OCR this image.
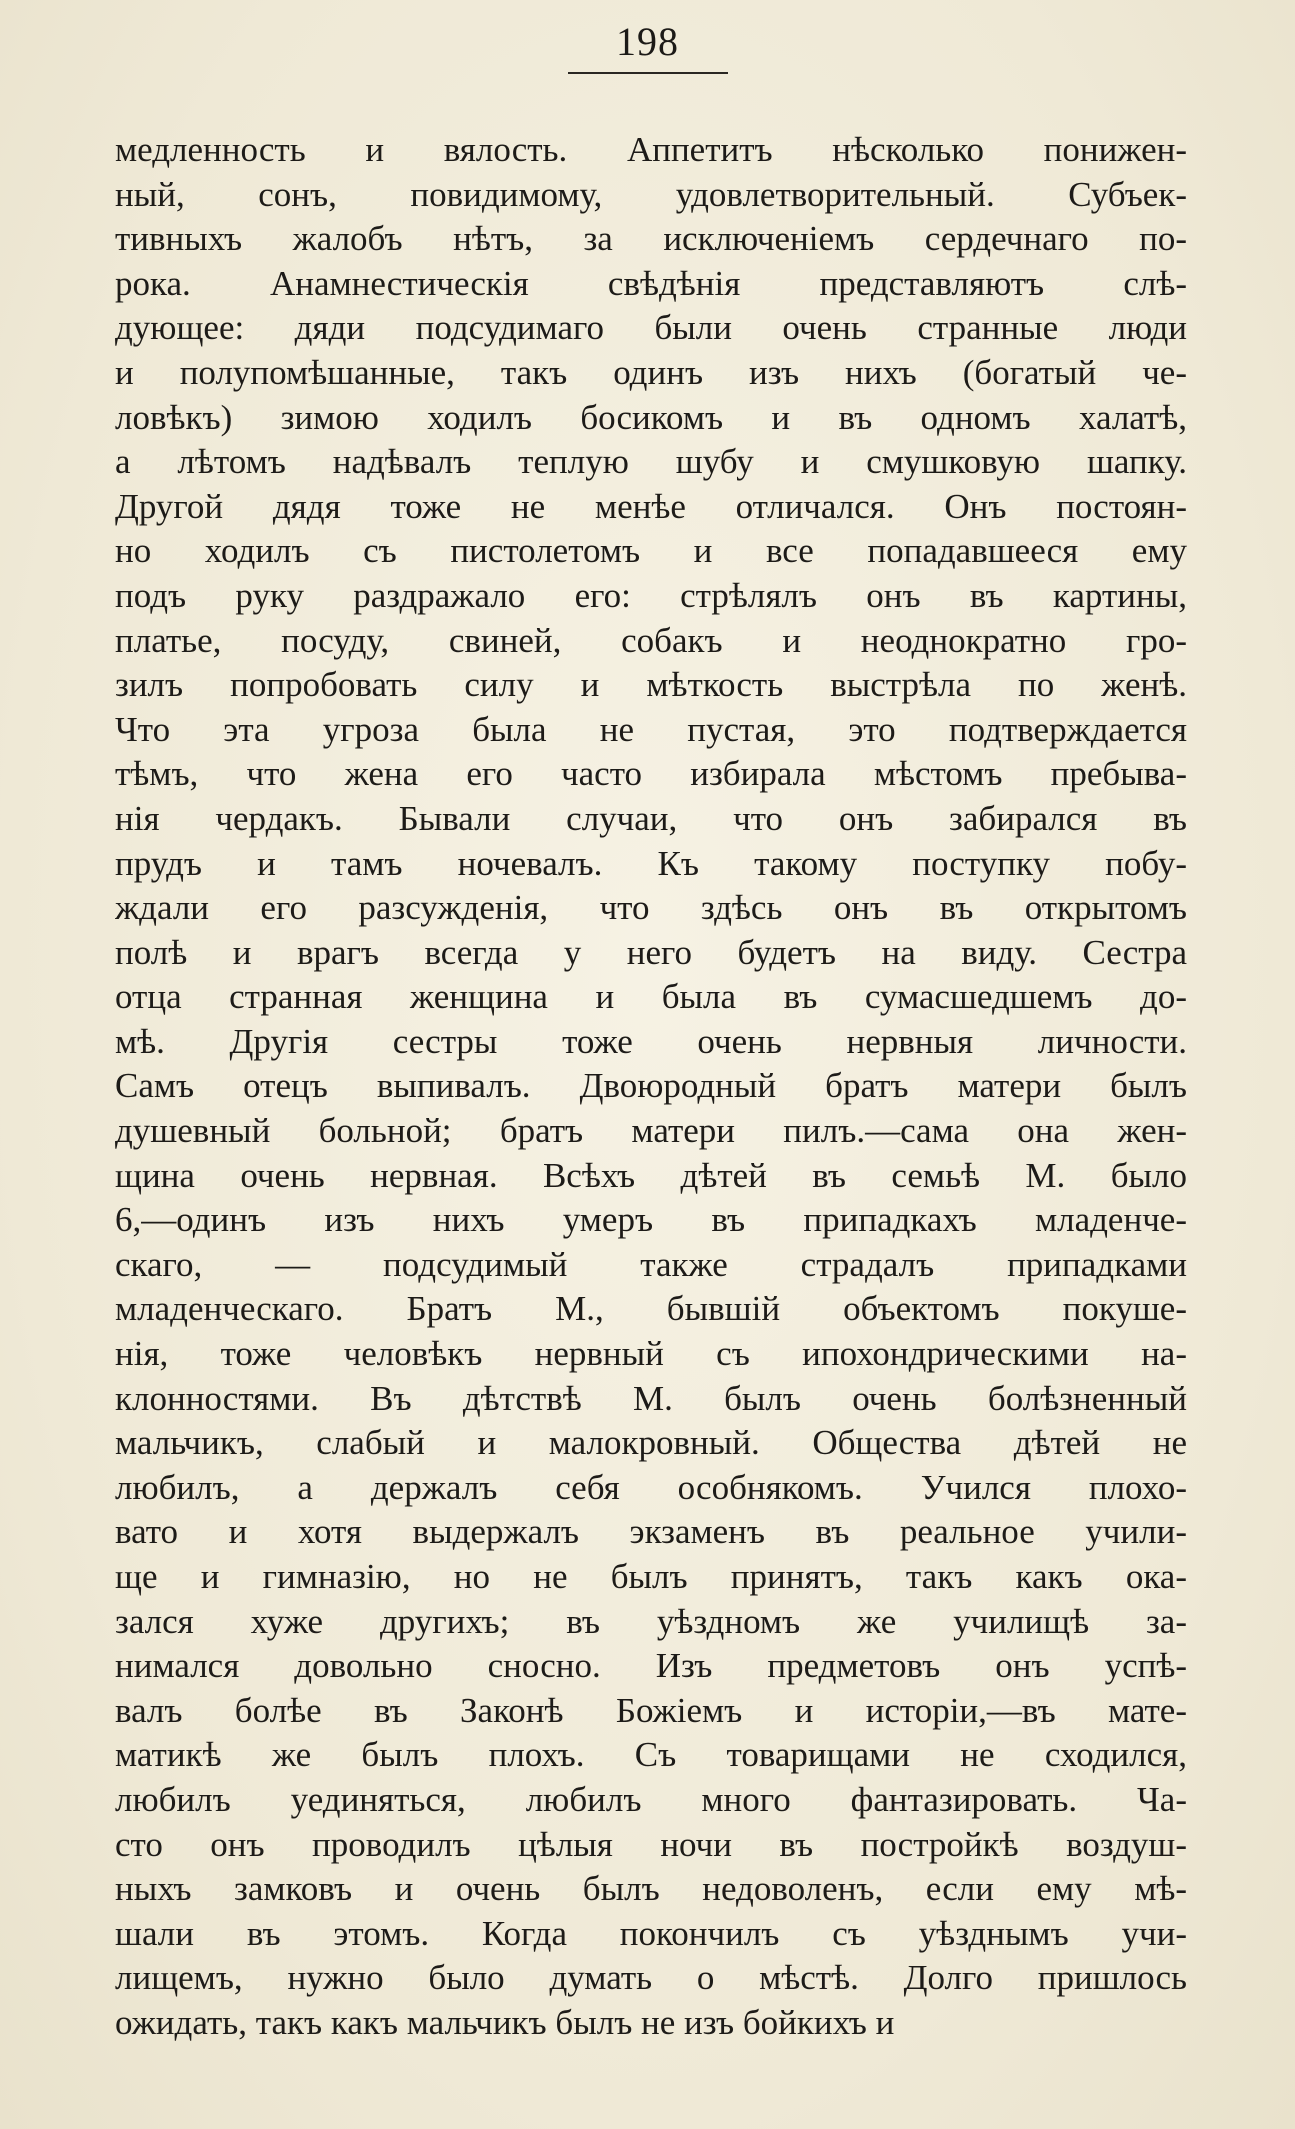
198
медленность и вялость. Аппетитъ нѣсколько понижен-
ный, сонъ, повидимому, удовлетворительный. Субъек-
тивныхъ жалобъ нѣтъ, за исключеніемъ сердечнаго по-
рока. Анамнестическія свѣдѣнія представляютъ слѣ-
дующее: дяди подсудимаго были очень странные люди
и полупомѣшанные, такъ одинъ изъ нихъ (богатый че-
ловѣкъ) зимою ходилъ босикомъ и въ одномъ халатѣ,
а лѣтомъ надѣвалъ теплую шубу и смушковую шапку.
Другой дядя тоже не менѣе отличался. Онъ постоян-
но ходилъ съ пистолетомъ и все попадавшееся ему
подъ руку раздражало его: стрѣлялъ онъ въ картины,
платье, посуду, свиней, собакъ и неоднократно гро-
зилъ попробовать силу и мѣткость выстрѣла по женѣ.
Что эта угроза была не пустая, это подтверждается
тѣмъ, что жена его часто избирала мѣстомъ пребыва-
нія чердакъ. Бывали случаи, что онъ забирался въ
прудъ и тамъ ночевалъ. Къ такому поступку побу-
ждали его разсужденія, что здѣсь онъ въ открытомъ
полѣ и врагъ всегда у него будетъ на виду. Сестра
отца странная женщина и была въ сумасшедшемъ до-
мѣ. Другія сестры тоже очень нервныя личности.
Самъ отецъ выпивалъ. Двоюродный братъ матери былъ
душевный больной; братъ матери пилъ.—сама она жен-
щина очень нервная. Всѣхъ дѣтей въ семьѣ М. было
6,—одинъ изъ нихъ умеръ въ припадкахъ младенче-
скаго, — подсудимый также страдалъ припадками
младенческаго. Братъ М., бывшій объектомъ покуше-
нія, тоже человѣкъ нервный съ ипохондрическими на-
клонностями. Въ дѣтствѣ М. былъ очень болѣзненный
мальчикъ, слабый и малокровный. Общества дѣтей не
любилъ, а держалъ себя особнякомъ. Учился плохо-
вато и хотя выдержалъ экзаменъ въ реальное учили-
ще и гимназію, но не былъ принятъ, такъ какъ ока-
зался хуже другихъ; въ уѣздномъ же училищѣ за-
нимался довольно сносно. Изъ предметовъ онъ успѣ-
валъ болѣе въ Законѣ Божіемъ и исторіи,—въ мате-
матикѣ же былъ плохъ. Съ товарищами не сходился,
любилъ уединяться, любилъ много фантазировать. Ча-
сто онъ проводилъ цѣлыя ночи въ постройкѣ воздуш-
ныхъ замковъ и очень былъ недоволенъ, если ему мѣ-
шали въ этомъ. Когда покончилъ съ уѣзднымъ учи-
лищемъ, нужно было думать о мѣстѣ. Долго пришлось
ожидать, такъ какъ мальчикъ былъ не изъ бойкихъ и
